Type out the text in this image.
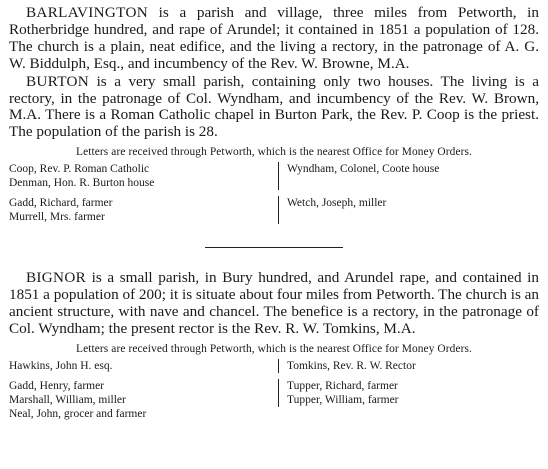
BARLAVINGTON is a parish and village, three miles from Petworth, in Rotherbridge hundred, and rape of Arundel; it contained in 1851 a population of 128. The church is a plain, neat edifice, and the living a rectory, in the patronage of A. G. W. Biddulph, Esq., and incumbency of the Rev. W. Browne, M.A.

BURTON is a very small parish, containing only two houses. The living is a rectory, in the patronage of Col. Wyndham, and incumbency of the Rev. W. Brown, M.A. There is a Roman Catholic chapel in Burton Park, the Rev. P. Coop is the priest. The population of the parish is 28.

Letters are received through Petworth, which is the nearest Office for Money Orders.
Coop, Rev. P. Roman Catholic
Denman, Hon. R. Burton house
Gadd, Richard, farmer
Murrell, Mrs. farmer
Wyndham, Colonel, Coote house
Wetch, Joseph, miller

BIGNOR is a small parish, in Bury hundred, and Arundel rape, and contained in 1851 a population of 200; it is situate about four miles from Petworth. The church is an ancient structure, with nave and chancel. The benefice is a rectory, in the patronage of Col. Wyndham; the present rector is the Rev. R. W. Tomkins, M.A.

Letters are received through Petworth, which is the nearest Office for Money Orders.
Hawkins, John H. esq.
Gadd, Henry, farmer
Marshall, William, miller
Neal, John, grocer and farmer
Tomkins, Rev. R. W. Rector
Tupper, Richard, farmer
Tupper, William, farmer
